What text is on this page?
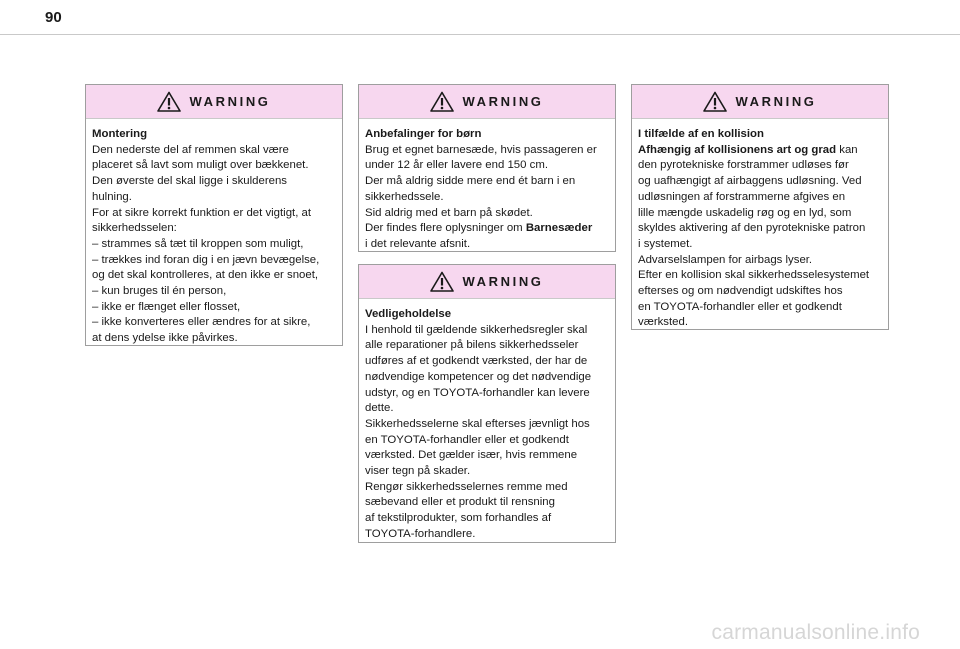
90
WARNING
Montering
Den nederste del af remmen skal være
placeret så lavt som muligt over bækkenet.
Den øverste del skal ligge i skulderens
hulning.
For at sikre korrekt funktion er det vigtigt, at
sikkerhedsselen:
– strammes så tæt til kroppen som muligt,
– trækkes ind foran dig i en jævn bevægelse,
og det skal kontrolleres, at den ikke er snoet,
– kun bruges til én person,
– ikke er flænget eller flosset,
– ikke konverteres eller ændres for at sikre,
at dens ydelse ikke påvirkes.
WARNING
Anbefalinger for børn
Brug et egnet barnesæde, hvis passageren er
under 12 år eller lavere end 150 cm.
Der må aldrig sidde mere end ét barn i en
sikkerhedssele.
Sid aldrig med et barn på skødet.
Der findes flere oplysninger om Barnesæder
i det relevante afsnit.
WARNING
Vedligeholdelse
I henhold til gældende sikkerhedsregler skal
alle reparationer på bilens sikkerhedsseler
udføres af et godkendt værksted, der har de
nødvendige kompetencer og det nødvendige
udstyr, og en TOYOTA-forhandler kan levere
dette.
Sikkerhedsselerne skal efterses jævnligt hos
en TOYOTA-forhandler eller et godkendt
værksted. Det gælder især, hvis remmene
viser tegn på skader.
Rengør sikkerhedsselernes remme med
sæbevand eller et produkt til rensning
af tekstilprodukter, som forhandles af
TOYOTA-forhandlere.
WARNING
I tilfælde af en kollision
Afhængig af kollisionens art og grad kan
den pyrotekniske forstrammer udløses før
og uafhængigt af airbaggens udløsning. Ved
udløsningen af forstrammerne afgives en
lille mængde uskadelig røg og en lyd, som
skyldes aktivering af den pyrotekniske patron
i systemet.
Advarselslampen for airbags lyser.
Efter en kollision skal sikkerhedsselesystemet
efterses og om nødvendigt udskiftes hos
en TOYOTA-forhandler eller et godkendt
værksted.
carmanualsonline.info
